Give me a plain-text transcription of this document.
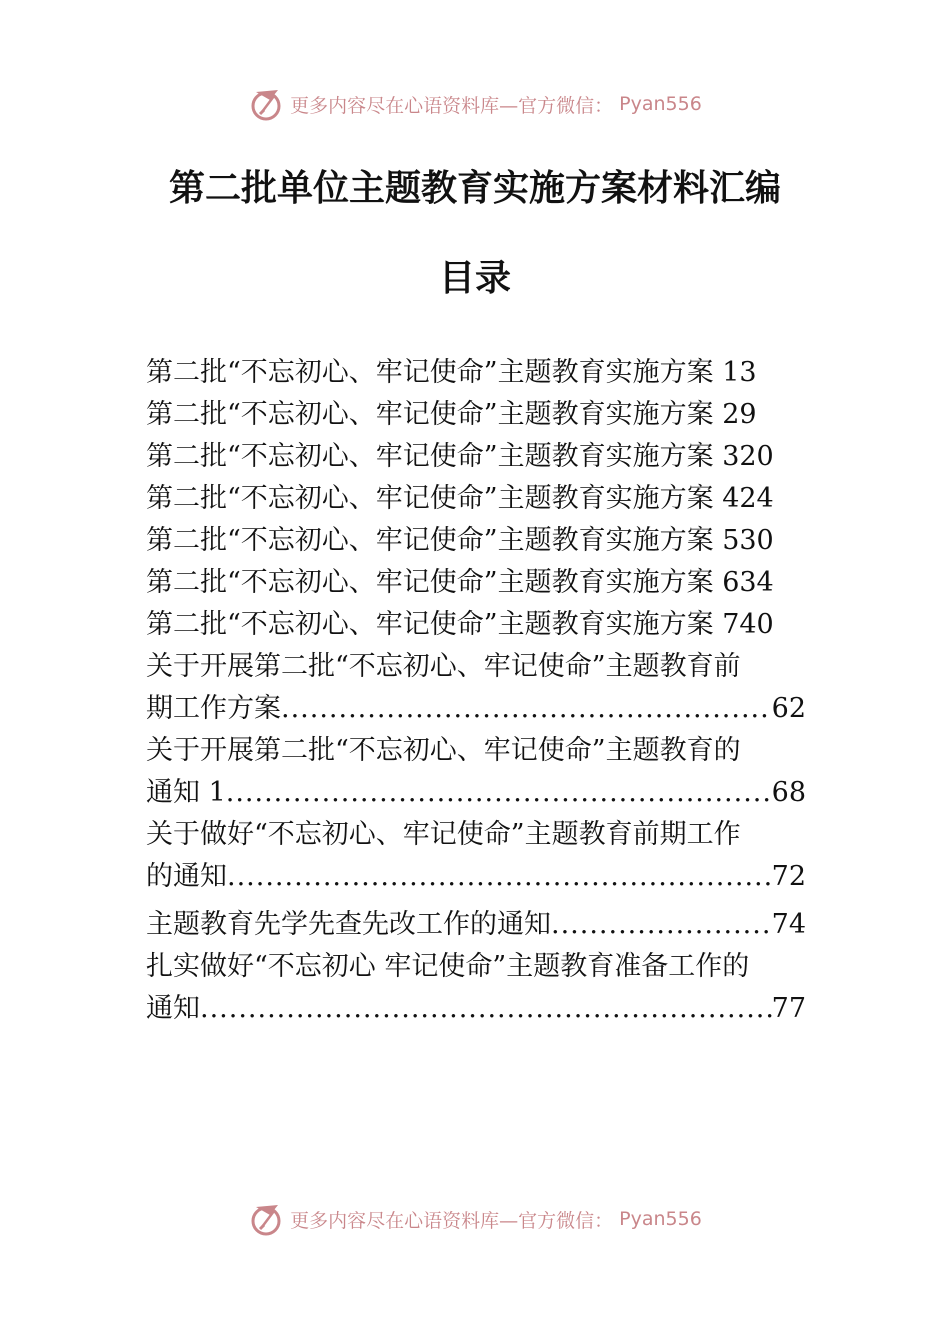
更多内容尽在心语资料库—官方微信： Pyan556
第二批单位主题教育实施方案材料汇编
目录
第二批“不忘初心、牢记使命”主题教育实施方案 13
第二批“不忘初心、牢记使命”主题教育实施方案 29
第二批“不忘初心、牢记使命”主题教育实施方案 320
第二批“不忘初心、牢记使命”主题教育实施方案 424
第二批“不忘初心、牢记使命”主题教育实施方案 530
第二批“不忘初心、牢记使命”主题教育实施方案 634
第二批“不忘初心、牢记使命”主题教育实施方案 740
关于开展第二批“不忘初心、牢记使命”主题教育前
期工作方案 .....	62
关于开展第二批“不忘初心、牢记使命”主题教育的
通知 1 .....	68
关于做好“不忘初心、牢记使命”主题教育前期工作
的通知 .....	72
主题教育先学先查先改工作的通知 .....	74
扎实做好“不忘初心 牢记使命”主题教育准备工作的
通知 .....	77
更多内容尽在心语资料库—官方微信： Pyan556
